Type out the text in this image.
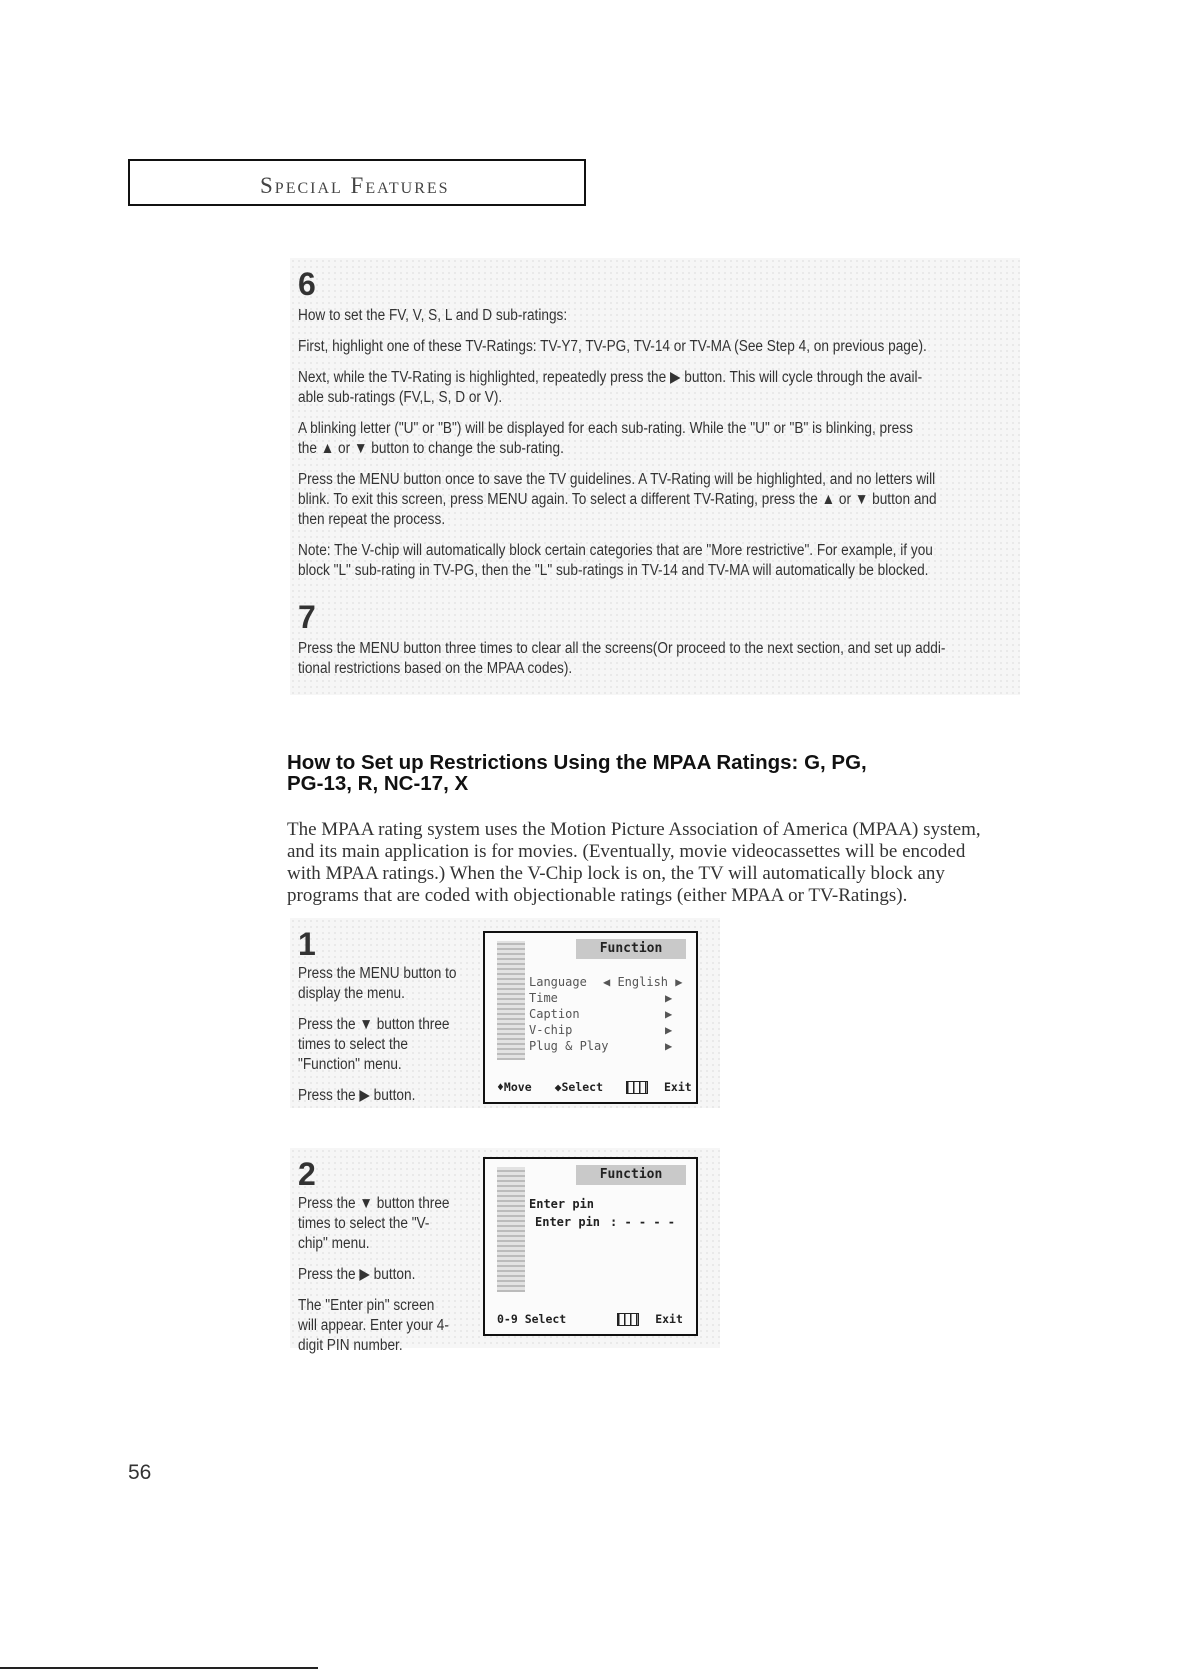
Special Features
6
How to set the FV, V, S, L and D sub-ratings:
First, highlight one of these TV-Ratings: TV-Y7, TV-PG, TV-14 or TV-MA (See Step 4, on previous page).
Next, while the TV-Rating is highlighted, repeatedly press the ▶ button. This will cycle through the avail-
able sub-ratings (FV,L, S, D or V).
A blinking letter ("U" or "B") will be displayed for each sub-rating. While the "U" or "B" is blinking, press
the ▲ or ▼ button to change the sub-rating.
Press the MENU button once to save the TV guidelines. A TV-Rating will be highlighted, and no letters will
blink. To exit this screen, press MENU again. To select a different TV-Rating, press the ▲ or ▼ button and
then repeat the process.
Note: The V-chip will automatically block certain categories that are "More restrictive". For example, if you
block "L" sub-rating in TV-PG, then the "L" sub-ratings in TV-14 and TV-MA will automatically be blocked.
7
Press the MENU button three times to clear all the screens(Or proceed to the next section, and set up addi-
tional restrictions based on the MPAA codes).
How to Set up Restrictions Using the MPAA Ratings: G, PG,
PG-13, R, NC-17, X
The MPAA rating system uses the Motion Picture Association of America (MPAA) system,
and its main application is for movies. (Eventually, movie videocassettes will be encoded
with MPAA ratings.) When the V-Chip lock is on, the TV will automatically block any
programs that are coded with objectionable ratings (either MPAA or TV-Ratings).
1
Press the MENU button to
display the menu.
Press the ▼ button three
times to select the
"Function" menu.
Press the ▶ button.
Function
Language ◀ English ▶
Time	▶
Caption	▶
V-chip	▶
Plug & Play	▶
♦Move ◆Select	Exit
2
Press the ▼ button three
times to select the "V-
chip" menu.
Press the ▶ button.
The "Enter pin" screen
will appear. Enter your 4-
digit PIN number.
Function
Enter pin
Enter pin : - - - -
0-9 Select	Exit
56
